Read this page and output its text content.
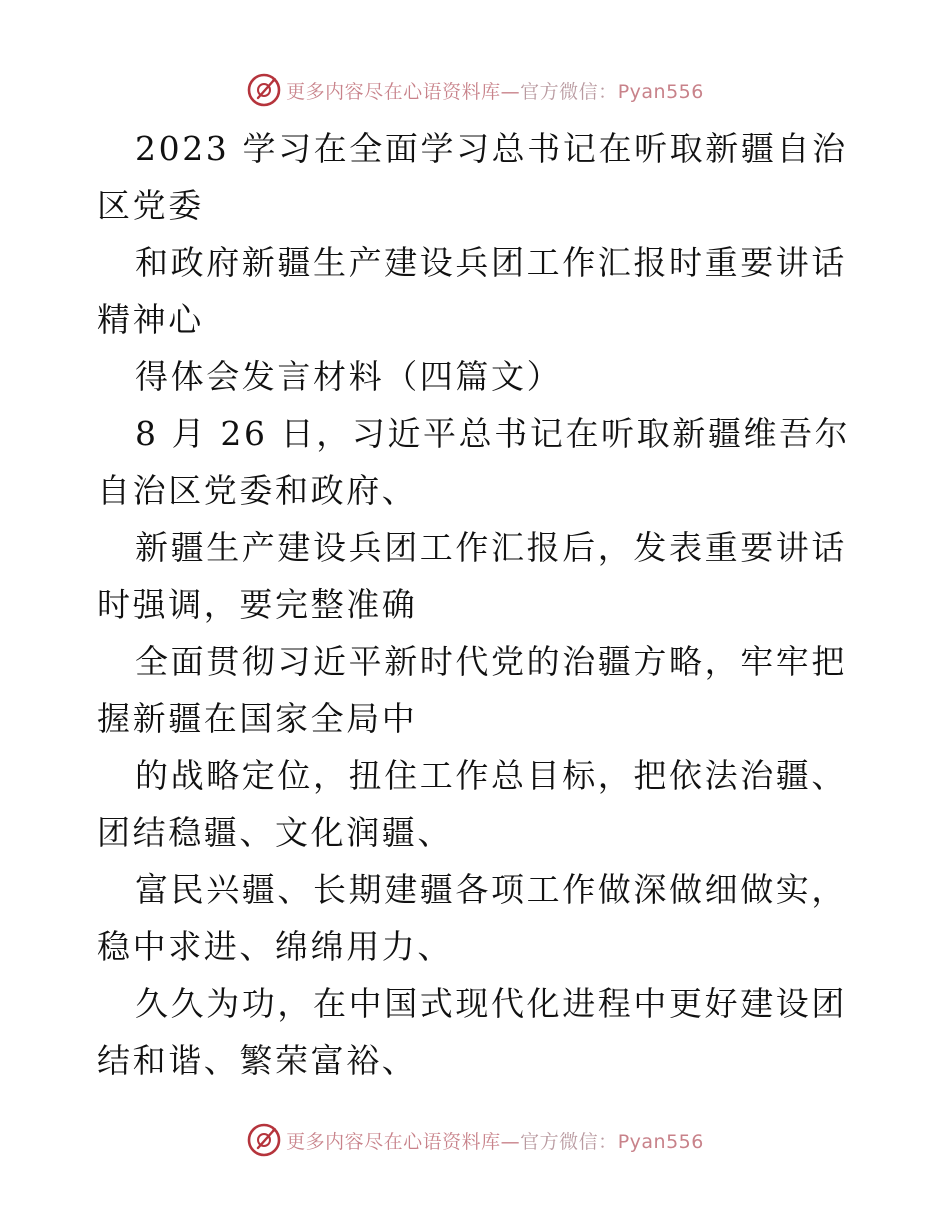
更多内容尽在心语资料库—官方微信：Pyan556

2023 学习在全面学习总书记在听取新疆自治区党委

和政府新疆生产建设兵团工作汇报时重要讲话精神心

得体会发言材料（四篇文）

8 月 26 日，习近平总书记在听取新疆维吾尔自治区党委和政府、

新疆生产建设兵团工作汇报后，发表重要讲话时强调，要完整准确

全面贯彻习近平新时代党的治疆方略，牢牢把握新疆在国家全局中

的战略定位，扭住工作总目标，把依法治疆、团结稳疆、文化润疆、

富民兴疆、长期建疆各项工作做深做细做实，稳中求进、绵绵用力、

久久为功，在中国式现代化进程中更好建设团结和谐、繁荣富裕、

更多内容尽在心语资料库—官方微信：Pyan556
